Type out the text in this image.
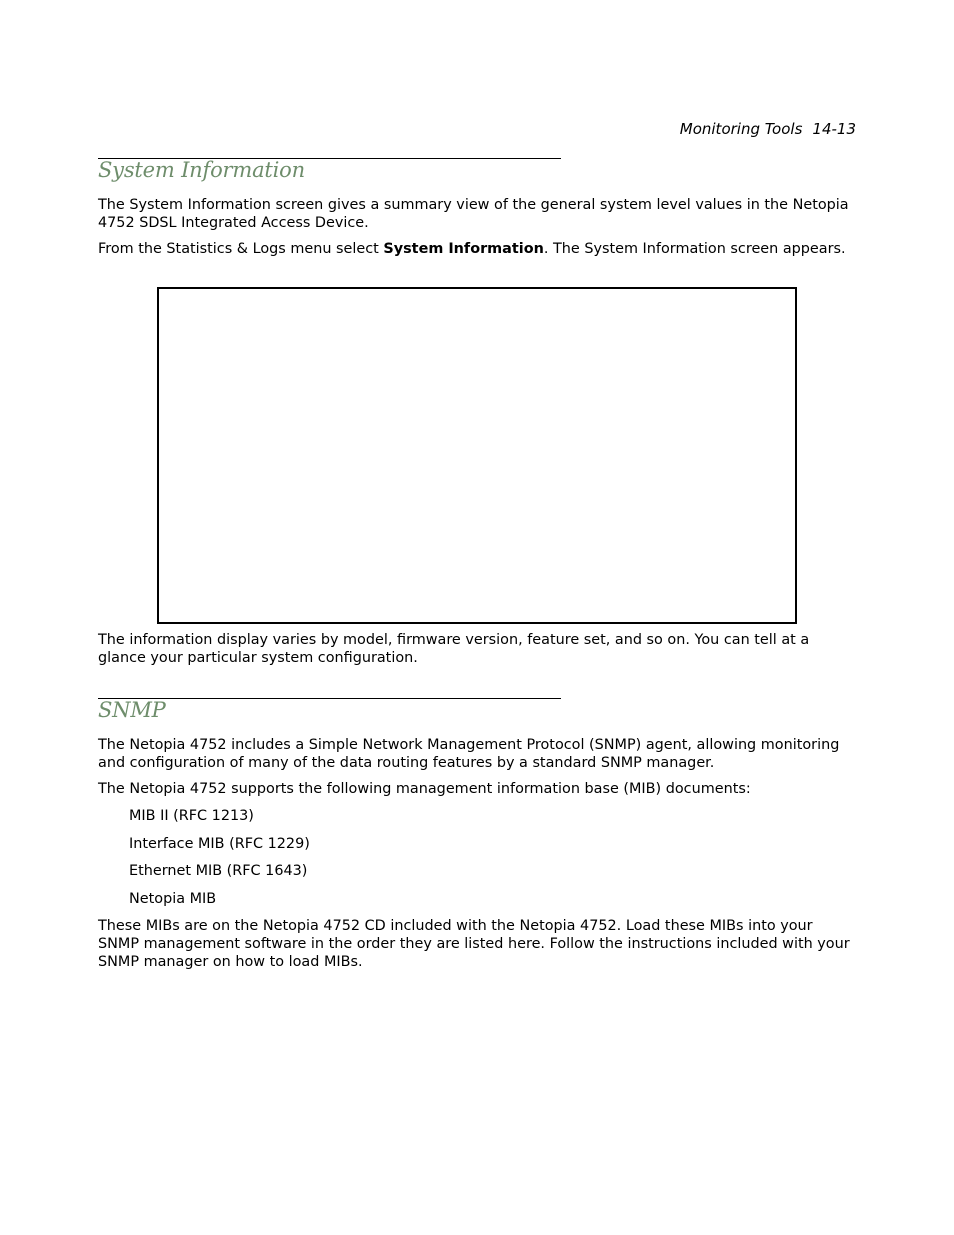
Monitoring Tools 14-13
System Information

The System Information screen gives a summary view of the general system level values in the Netopia 4752 SDSL Integrated Access Device.

From the Statistics & Logs menu select System Information. The System Information screen appears.

The information display varies by model, firmware version, feature set, and so on. You can tell at a glance your particular system configuration.

SNMP

The Netopia 4752 includes a Simple Network Management Protocol (SNMP) agent, allowing monitoring and configuration of many of the data routing features by a standard SNMP manager.

The Netopia 4752 supports the following management information base (MIB) documents:

MIB II (RFC 1213)

Interface MIB (RFC 1229)

Ethernet MIB (RFC 1643)

Netopia MIB

These MIBs are on the Netopia 4752 CD included with the Netopia 4752. Load these MIBs into your SNMP management software in the order they are listed here. Follow the instructions included with your SNMP manager on how to load MIBs.
